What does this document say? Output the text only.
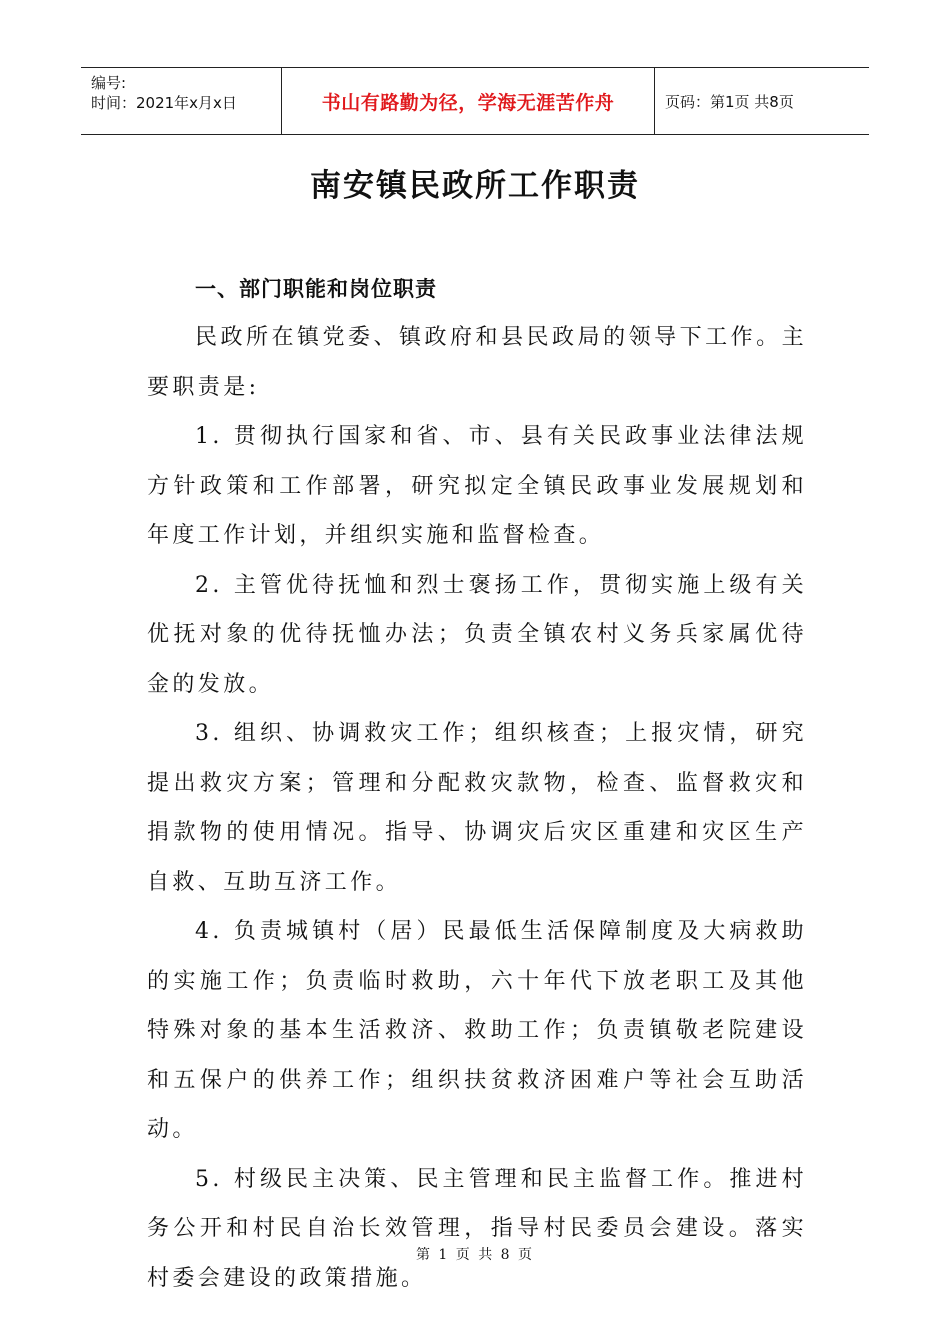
编号:
时间：2021年x月x日	书山有路勤为径，学海无涯苦作舟	页码：第1页 共8页
南安镇民政所工作职责
一、部门职能和岗位职责

民政所在镇党委、镇政府和县民政局的领导下工作。主要职责是:

1. 贯彻执行国家和省、市、县有关民政事业法律法规方针政策和工作部署，研究拟定全镇民政事业发展规划和年度工作计划，并组织实施和监督检查。

2. 主管优待抚恤和烈士褒扬工作，贯彻实施上级有关优抚对象的优待抚恤办法；负责全镇农村义务兵家属优待金的发放。

3. 组织、协调救灾工作；组织核查；上报灾情，研究提出救灾方案；管理和分配救灾款物，检查、监督救灾和捐款物的使用情况。指导、协调灾后灾区重建和灾区生产自救、互助互济工作。

4. 负责城镇村（居）民最低生活保障制度及大病救助的实施工作；负责临时救助，六十年代下放老职工及其他特殊对象的基本生活救济、救助工作；负责镇敬老院建设和五保户的供养工作；组织扶贫救济困难户等社会互助活动。

5. 村级民主决策、民主管理和民主监督工作。推进村务公开和村民自治长效管理，指导村民委员会建设。落实村委会建设的政策措施。

第 1 页 共 8 页
